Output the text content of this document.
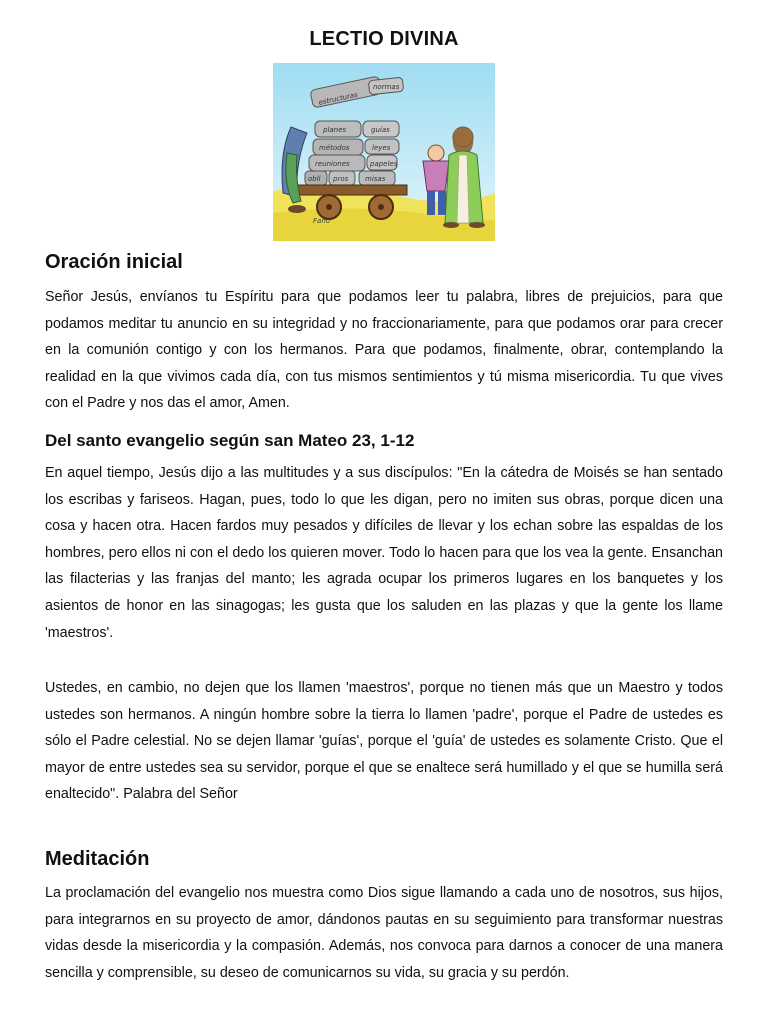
LECTIO DIVINA
estructuras
normas
planes	guías
métodos	leyes
reuniones	papeles
obli pros misas
Fano
Oración inicial

Señor Jesús, envíanos tu Espíritu para que podamos leer tu palabra, libres de prejuicios, para que podamos meditar tu anuncio en su integridad y no fraccionariamente, para que podamos orar para crecer en la comunión contigo y con los hermanos. Para que podamos, finalmente, obrar, contemplando la realidad en la que vivimos cada día, con tus mismos sentimientos y tú misma misericordia. Tu que vives con el Padre y nos das el amor, Amen.

Del santo evangelio según san Mateo 23, 1-12

En aquel tiempo, Jesús dijo a las multitudes y a sus discípulos: "En la cátedra de Moisés se han sentado los escribas y fariseos. Hagan, pues, todo lo que les digan, pero no imiten sus obras, porque dicen una cosa y hacen otra. Hacen fardos muy pesados y difíciles de llevar y los echan sobre las espaldas de los hombres, pero ellos ni con el dedo los quieren mover. Todo lo hacen para que los vea la gente. Ensanchan las filacterias y las franjas del manto; les agrada ocupar los primeros lugares en los banquetes y los asientos de honor en las sinagogas; les gusta que los saluden en las plazas y que la gente los llame 'maestros'.

Ustedes, en cambio, no dejen que los llamen 'maestros', porque no tienen más que un Maestro y todos ustedes son hermanos. A ningún hombre sobre la tierra lo llamen 'padre', porque el Padre de ustedes es sólo el Padre celestial. No se dejen llamar 'guías', porque el 'guía' de ustedes es solamente Cristo. Que el mayor de entre ustedes sea su servidor, porque el que se enaltece será humillado y el que se humilla será enaltecido". Palabra del Señor

Meditación

La proclamación del evangelio nos muestra como Dios sigue llamando a cada uno de nosotros, sus hijos, para integrarnos en su proyecto de amor, dándonos pautas en su seguimiento para transformar nuestras vidas desde la misericordia y la compasión. Además, nos convoca para darnos a conocer de una manera sencilla y comprensible, su deseo de comunicarnos su vida, su gracia y su perdón.
